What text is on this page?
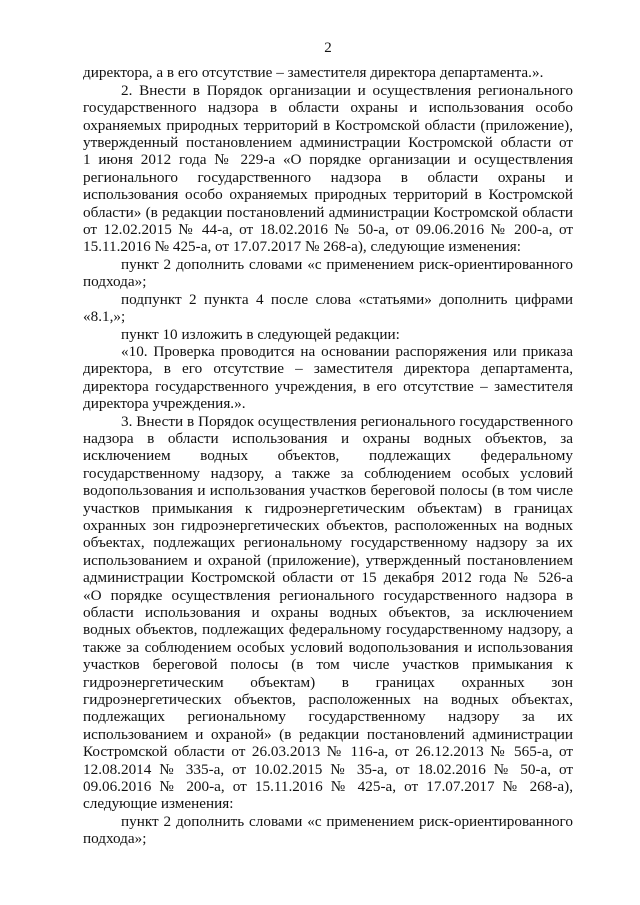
2
директора, а в его отсутствие – заместителя директора департамента.».
2. Внести в Порядок организации и осуществления регионального
государственного надзора в области охраны и использования особо
охраняемых природных территорий в Костромской области (приложение),
утвержденный постановлением администрации Костромской области от
1 июня 2012 года № 229-а «О порядке организации и осуществления
регионального государственного надзора в области охраны и
использования особо охраняемых природных территорий в Костромской
области» (в редакции постановлений администрации Костромской области
от 12.02.2015 № 44-а, от 18.02.2016 № 50-а, от 09.06.2016 № 200-а, от
15.11.2016 № 425-а, от 17.07.2017 № 268-а), следующие изменения:
пункт 2 дополнить словами «с применением риск-ориентированного
подхода»;
подпункт 2 пункта 4 после слова «статьями» дополнить цифрами
«8.1,»;
пункт 10 изложить в следующей редакции:
«10. Проверка проводится на основании распоряжения или приказа
директора, в его отсутствие – заместителя директора департамента,
директора государственного учреждения, в его отсутствие – заместителя
директора учреждения.».
3. Внести в Порядок осуществления регионального государственного
надзора в области использования и охраны водных объектов, за
исключением водных объектов, подлежащих федеральному
государственному надзору, а также за соблюдением особых условий
водопользования и использования участков береговой полосы (в том числе
участков примыкания к гидроэнергетическим объектам) в границах
охранных зон гидроэнергетических объектов, расположенных на водных
объектах, подлежащих региональному государственному надзору за их
использованием и охраной (приложение), утвержденный постановлением
администрации Костромской области от 15 декабря 2012 года № 526-а
«О порядке осуществления регионального государственного надзора в
области использования и охраны водных объектов, за исключением
водных объектов, подлежащих федеральному государственному надзору, а
также за соблюдением особых условий водопользования и использования
участков береговой полосы (в том числе участков примыкания к
гидроэнергетическим объектам) в границах охранных зон
гидроэнергетических объектов, расположенных на водных объектах,
подлежащих региональному государственному надзору за их
использованием и охраной» (в редакции постановлений администрации
Костромской области от 26.03.2013 № 116-а, от 26.12.2013 № 565-а, от
12.08.2014 № 335-а, от 10.02.2015 № 35-а, от 18.02.2016 № 50-а, от
09.06.2016 № 200-а, от 15.11.2016 № 425-а, от 17.07.2017 № 268-а),
следующие изменения:
пункт 2 дополнить словами «с применением риск-ориентированного
подхода»;
